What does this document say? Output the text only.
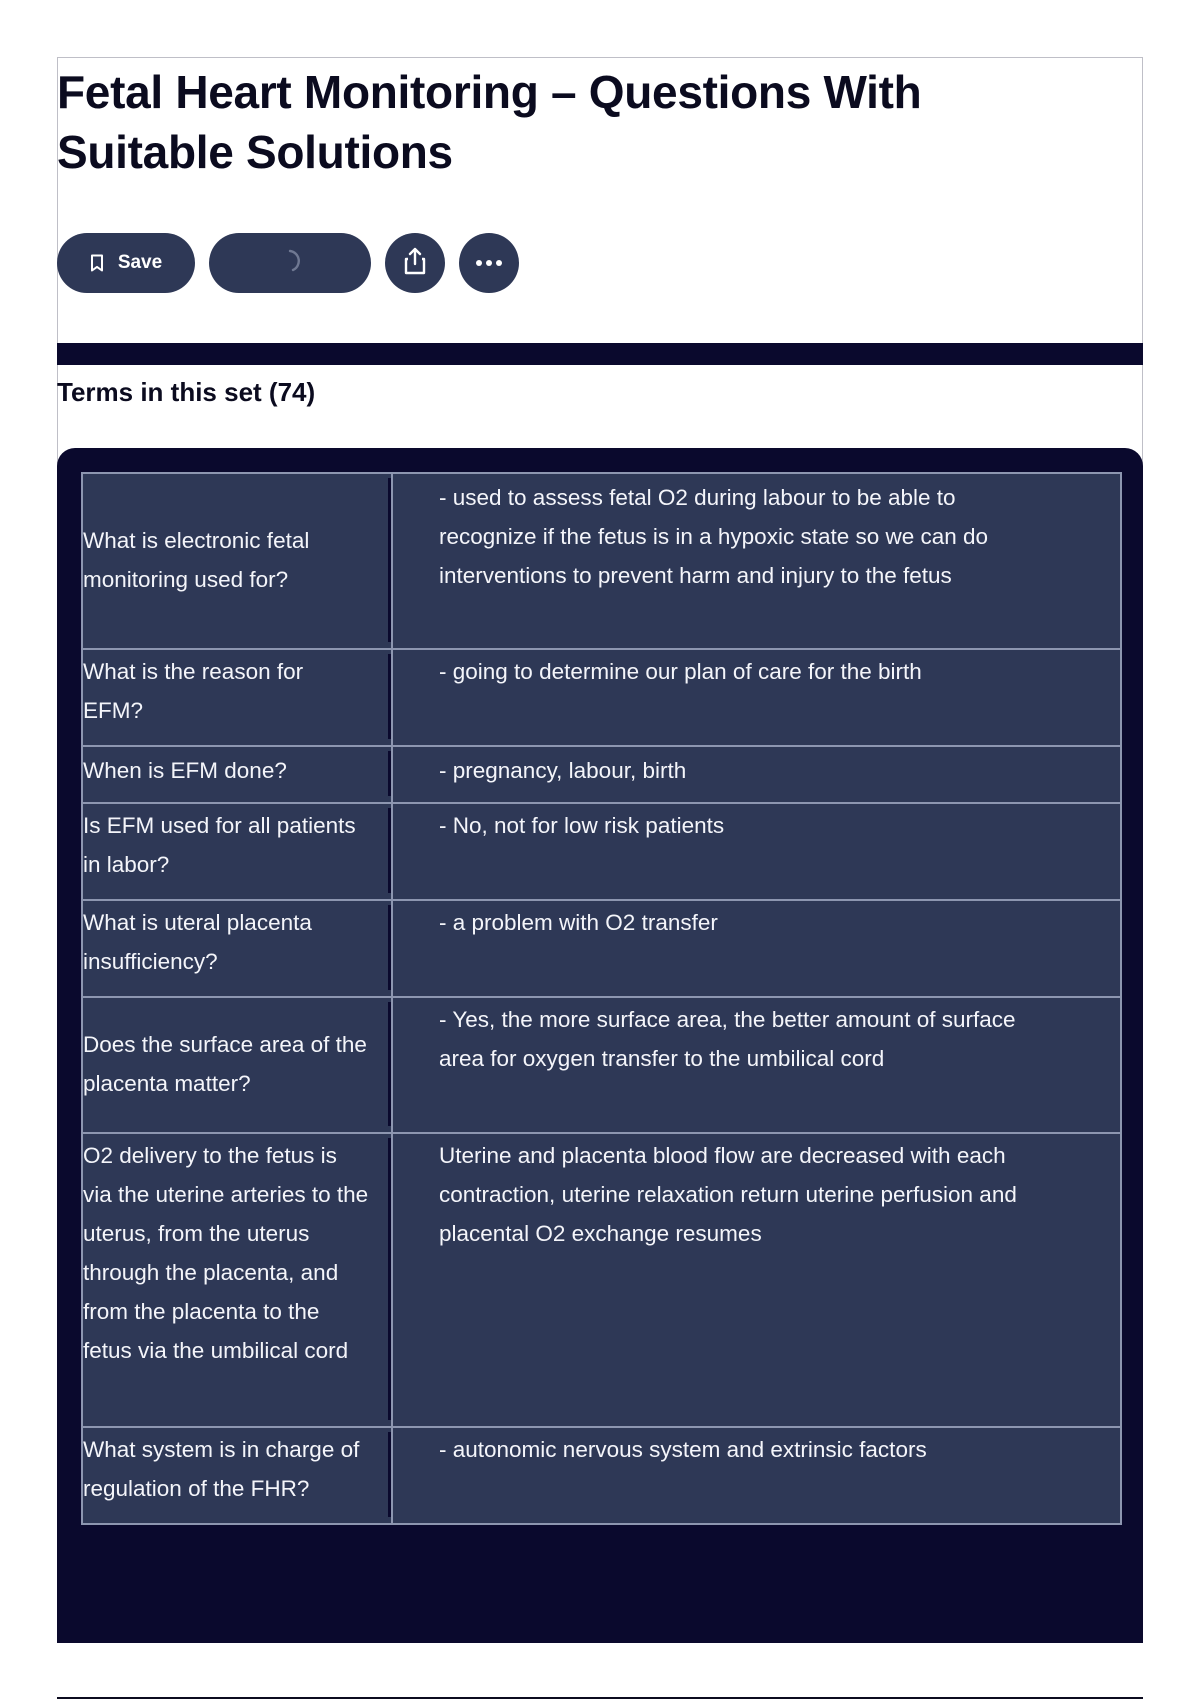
Fetal Heart Monitoring – Questions With Suitable Solutions
Save
Terms in this set (74)
What is electronic fetal monitoring used for?	- used to assess fetal O2 during labour to be able to recognize if the fetus is in a hypoxic state so we can do interventions to prevent harm and injury to the fetus

What is the reason for EFM?	- going to determine our plan of care for the birth

When is EFM done?	- pregnancy, labour, birth

Is EFM used for all patients in labor?	- No, not for low risk patients

What is uteral placenta insufficiency?	- a problem with O2 transfer

Does the surface area of the placenta matter?	- Yes, the more surface area, the better amount of surface area for oxygen transfer to the umbilical cord

O2 delivery to the fetus is via the uterine arteries to the uterus, from the uterus through the placenta, and from the placenta to the fetus via the umbilical cord	Uterine and placenta blood flow are decreased with each contraction, uterine relaxation return uterine perfusion and placental O2 exchange resumes

What system is in charge of regulation of the FHR?	- autonomic nervous system and extrinsic factors
